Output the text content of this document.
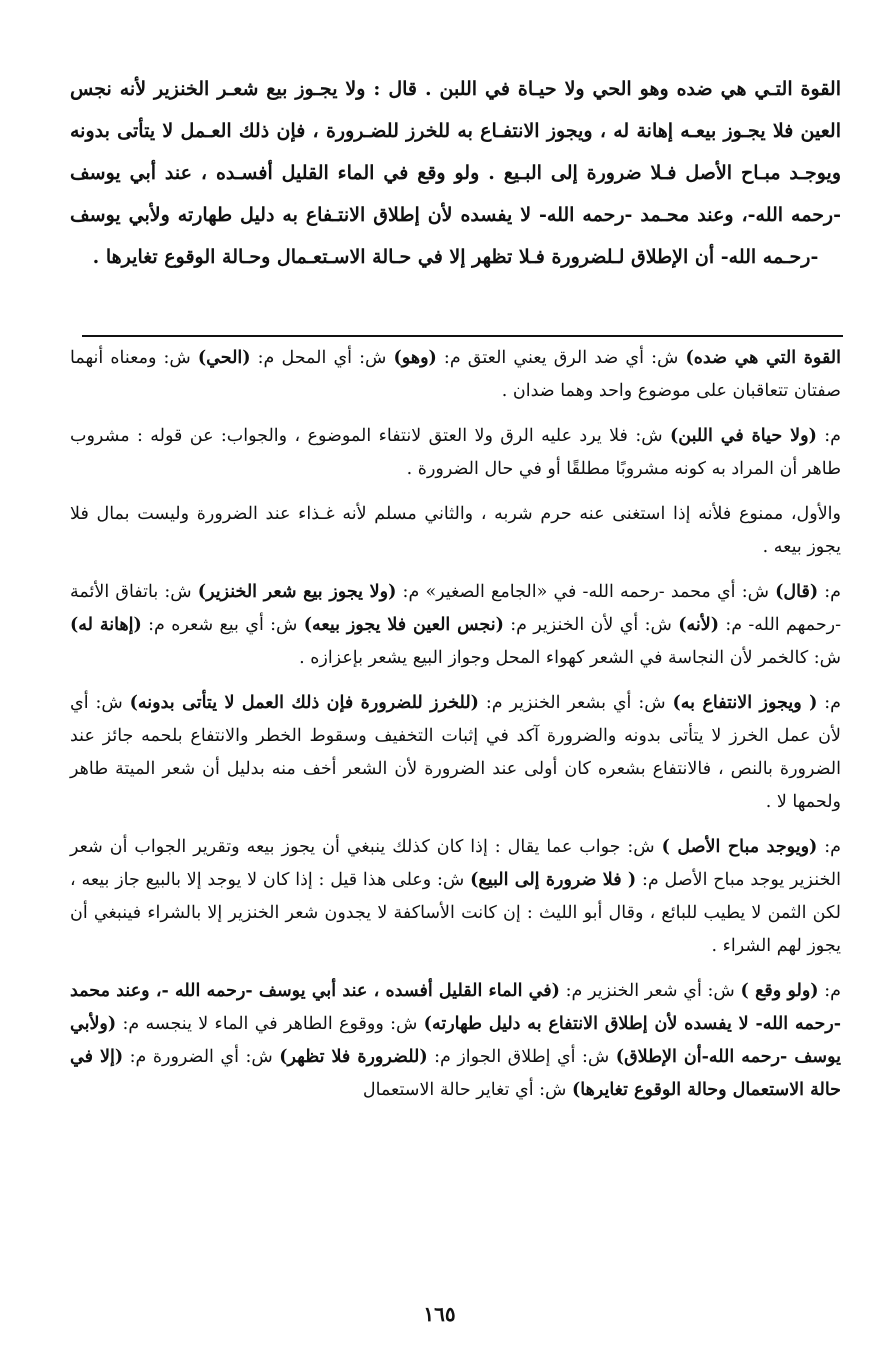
القوة التـي هي ضده وهو الحي ولا حيـاة في اللبن . قال : ولا يجـوز بيع شعـر الخنزير لأنه نجس العين فلا يجـوز بيعـه إهانة له ، ويجوز الانتفـاع به للخرز للضـرورة ، فإن ذلك العـمل لا يتأتى بدونه ويوجـد مبـاح الأصل فـلا ضرورة إلى البـيع . ولو وقع في الماء القليل أفسـده ، عند أبي يوسف -رحمه الله-، وعند محـمد -رحمه الله- لا يفسده لأن إطلاق الانتـفاع به دليل طهارته ولأبي يوسف -رحـمه الله- أن الإطلاق لـلضرورة فـلا تظهر إلا في حـالة الاسـتعـمال وحـالة الوقوع تغايرها .

القوة التي هي ضده) ش: أي ضد الرق يعني العتق م: (وهو) ش: أي المحل م: (الحي) ش: ومعناه أنهما صفتان تتعاقبان على موضوع واحد وهما ضدان .

م: (ولا حياة في اللبن) ش: فلا يرد عليه الرق ولا العتق لانتفاء الموضوع ، والجواب: عن قوله : مشروب طاهر أن المراد به كونه مشروبًا مطلقًا أو في حال الضرورة .

والأول، ممنوع فلأنه إذا استغنى عنه حرم شربه ، والثاني مسلم لأنه غـذاء عند الضرورة وليست بمال فلا يجوز بيعه .

م: (قال) ش: أي محمد -رحمه الله- في «الجامع الصغير» م: (ولا يجوز بيع شعر الخنزير) ش: باتفاق الأئمة -رحمهم الله- م: (لأنه) ش: أي لأن الخنزير م: (نجس العين فلا يجوز بيعه) ش: أي بيع شعره م: (إهانة له) ش: كالخمر لأن النجاسة في الشعر كهواء المحل وجواز البيع يشعر بإعزازه .

م: ( ويجوز الانتفاع به) ش: أي بشعر الخنزير م: (للخرز للضرورة فإن ذلك العمل لا يتأتى بدونه) ش: أي لأن عمل الخرز لا يتأتى بدونه والضرورة آكد في إثبات التخفيف وسقوط الخطر والانتفاع بلحمه جائز عند الضرورة بالنص ، فالانتفاع بشعره كان أولى عند الضرورة لأن الشعر أخف منه بدليل أن شعر الميتة طاهر ولحمها لا .

م: (ويوجد مباح الأصل ) ش: جواب عما يقال : إذا كان كذلك ينبغي أن يجوز بيعه وتقرير الجواب أن شعر الخنزير يوجد مباح الأصل م: ( فلا ضرورة إلى البيع) ش: وعلى هذا قيل : إذا كان لا يوجد إلا بالبيع جاز بيعه ، لكن الثمن لا يطيب للبائع ، وقال أبو الليث : إن كانت الأساكفة لا يجدون شعر الخنزير إلا بالشراء فينبغي أن يجوز لهم الشراء .

م: (ولو وقع ) ش: أي شعر الخنزير م: (في الماء القليل أفسده ، عند أبي يوسف -رحمه الله -، وعند محمد -رحمه الله- لا يفسده لأن إطلاق الانتفاع به دليل طهارته) ش: ووقوع الطاهر في الماء لا ينجسه م: (ولأبي يوسف -رحمه الله-أن الإطلاق) ش: أي إطلاق الجواز م: (للضرورة فلا تظهر) ش: أي الضرورة م: (إلا في حالة الاستعمال وحالة الوقوع تغايرها) ش: أي تغاير حالة الاستعمال

١٦٥
